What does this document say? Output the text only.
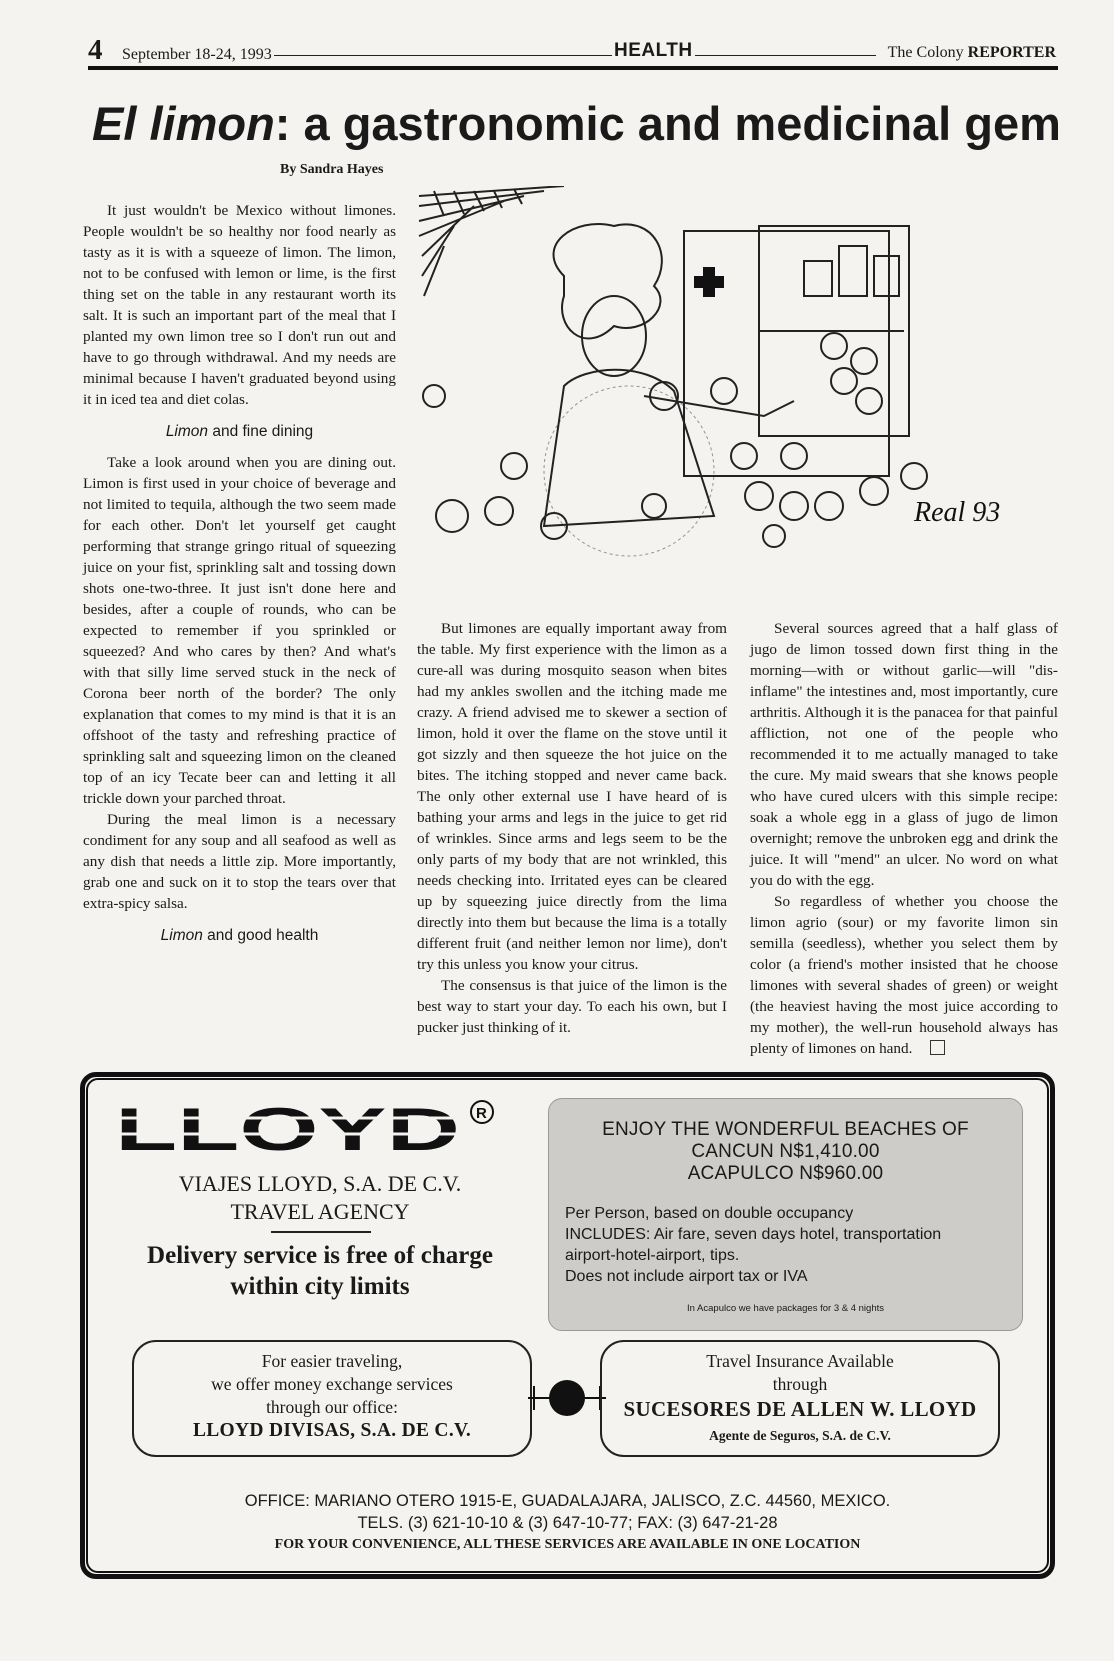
4 September 18-24, 1993	HEALTH	The Colony REPORTER
El limon: a gastronomic and medicinal gem
By Sandra Hayes

It just wouldn't be Mexico without limones. People wouldn't be so healthy nor food nearly as tasty as it is with a squeeze of limon. The limon, not to be confused with lemon or lime, is the first thing set on the table in any restaurant worth its salt. It is such an important part of the meal that I planted my own limon tree so I don't run out and have to go through withdrawal. And my needs are minimal because I haven't graduated beyond using it in iced tea and diet colas.

Limon and fine dining

Take a look around when you are dining out. Limon is first used in your choice of beverage and not limited to tequila, although the two seem made for each other. Don't let yourself get caught performing that strange gringo ritual of squeezing juice on your fist, sprinkling salt and tossing down shots one-two-three. It just isn't done here and besides, after a couple of rounds, who can be expected to remember if you sprinkled or squeezed? And who cares by then? And what's with that silly lime served stuck in the neck of Corona beer north of the border? The only explanation that comes to my mind is that it is an offshoot of the tasty and refreshing practice of sprinkling salt and squeezing limon on the cleaned top of an icy Tecate beer can and letting it all trickle down your parched throat.

During the meal limon is a necessary condiment for any soup and all seafood as well as any dish that needs a little zip. More importantly, grab one and suck on it to stop the tears over that extra-spicy salsa.

Limon and good health

But limones are equally important away from the table. My first experience with the limon as a cure-all was during mosquito season when bites had my ankles swollen and the itching made me crazy. A friend advised me to skewer a section of limon, hold it over the flame on the stove until it got sizzly and then squeeze the hot juice on the bites. The itching stopped and never came back. The only other external use I have heard of is bathing your arms and legs in the juice to get rid of wrinkles. Since arms and legs seem to be the only parts of my body that are not wrinkled, this needs checking into. Irritated eyes can be cleared up by squeezing juice directly from the lima directly into them but because the lima is a totally different fruit (and neither lemon nor lime), don't try this unless you know your citrus.

The consensus is that juice of the limon is the best way to start your day. To each his own, but I pucker just thinking of it.

Several sources agreed that a half glass of jugo de limon tossed down first thing in the morning—with or without garlic—will "dis-inflame" the intestines and, most importantly, cure arthritis. Although it is the panacea for that painful affliction, not one of the people who recommended it to me actually managed to take the cure. My maid swears that she knows people who have cured ulcers with this simple recipe: soak a whole egg in a glass of jugo de limon overnight; remove the unbroken egg and drink the juice. It will "mend" an ulcer. No word on what you do with the egg.

So regardless of whether you choose the limon agrio (sour) or my favorite limon sin semilla (seedless), whether you select them by color (a friend's mother insisted that he choose limones with several shades of green) or weight (the heaviest having the most juice according to my mother), the well-run household always has plenty of limones on hand.

Real 93
LLOYD R
VIAJES LLOYD, S.A. DE C.V.
TRAVEL AGENCY
Delivery service is free of charge
within city limits
ENJOY THE WONDERFUL BEACHES OF
CANCUN N$1,410.00
ACAPULCO N$960.00
Per Person, based on double occupancy
INCLUDES: Air fare, seven days hotel, transportation
airport-hotel-airport, tips.
Does not include airport tax or IVA
In Acapulco we have packages for 3 & 4 nights
For easier traveling,
we offer money exchange services
through our office:
LLOYD DIVISAS, S.A. DE C.V.
Travel Insurance Available
through
SUCESORES DE ALLEN W. LLOYD
Agente de Seguros, S.A. de C.V.
OFFICE: MARIANO OTERO 1915-E, GUADALAJARA, JALISCO, Z.C. 44560, MEXICO.
TELS. (3) 621-10-10 & (3) 647-10-77; FAX: (3) 647-21-28
FOR YOUR CONVENIENCE, ALL THESE SERVICES ARE AVAILABLE IN ONE LOCATION
